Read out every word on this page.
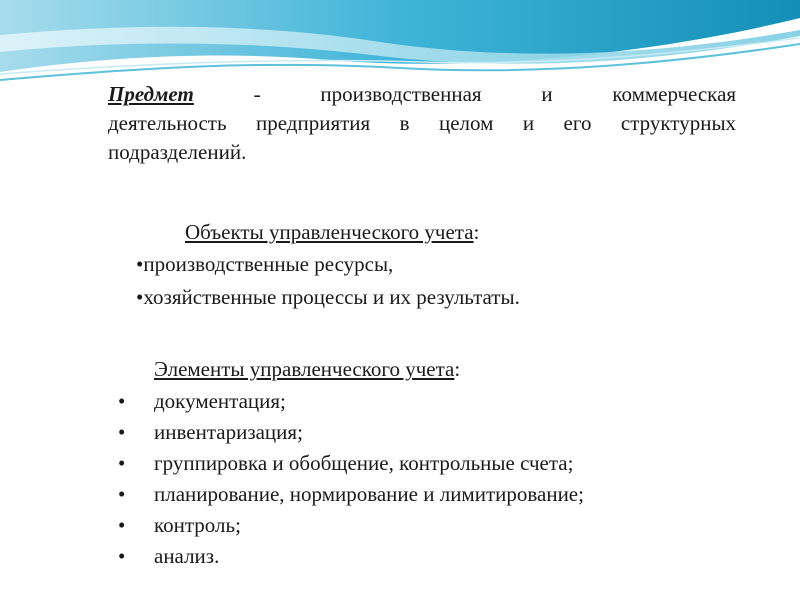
Предмет	-	производственная	и	коммерческая

деятельность предприятия в целом и его структурных

подразделений.

Объекты управленческого учета:
•производственные ресурсы,
•хозяйственные процессы и их результаты.
Элементы управленческого учета:
•	документация;
•	инвентаризация;
•	группировка и обобщение, контрольные счета;
•	планирование, нормирование и лимитирование;
•	контроль;
•	анализ.
